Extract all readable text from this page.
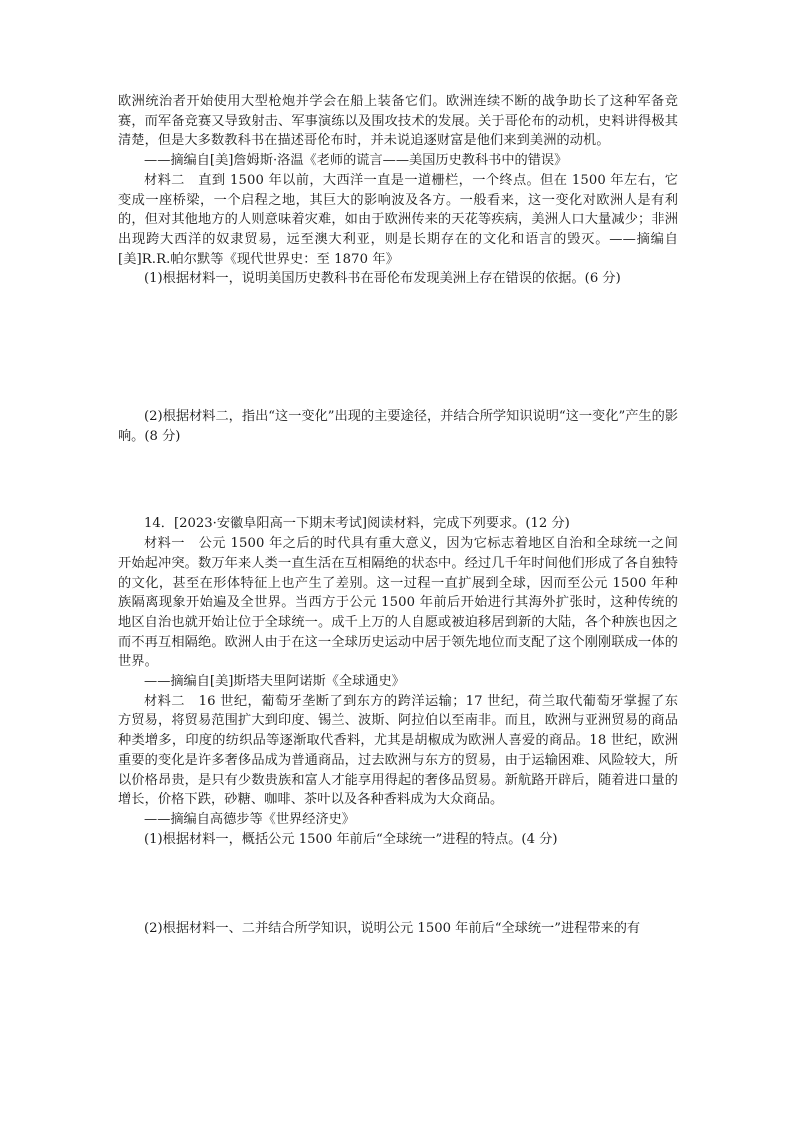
欧洲统治者开始使用大型枪炮并学会在船上装备它们。欧洲连续不断的战争助长了这种军备竞赛，而军备竞赛又导致射击、军事演练以及围攻技术的发展。关于哥伦布的动机，史料讲得极其清楚，但是大多数教科书在描述哥伦布时，并未说追逐财富是他们来到美洲的动机。

——摘编自[美]詹姆斯·洛温《老师的谎言——美国历史教科书中的错误》

材料二　直到 1500 年以前，大西洋一直是一道栅栏，一个终点。但在 1500 年左右，它变成一座桥梁，一个启程之地，其巨大的影响波及各方。一般看来，这一变化对欧洲人是有利的，但对其他地方的人则意味着灾难，如由于欧洲传来的天花等疾病，美洲人口大量减少；非洲出现跨大西洋的奴隶贸易，远至澳大利亚，则是长期存在的文化和语言的毁灭。——摘编自[美]R.R.帕尔默等《现代世界史：至 1870 年》

(1)根据材料一，说明美国历史教科书在哥伦布发现美洲上存在错误的依据。(6 分)

(2)根据材料二，指出“这一变化”出现的主要途径，并结合所学知识说明“这一变化”产生的影响。(8 分)

14．[2023·安徽阜阳高一下期末考试]阅读材料，完成下列要求。(12 分)

材料一　公元 1500 年之后的时代具有重大意义，因为它标志着地区自治和全球统一之间开始起冲突。数万年来人类一直生活在互相隔绝的状态中。经过几千年时间他们形成了各自独特的文化，甚至在形体特征上也产生了差别。这一过程一直扩展到全球，因而至公元 1500 年种族隔离现象开始遍及全世界。当西方于公元 1500 年前后开始进行其海外扩张时，这种传统的地区自治也就开始让位于全球统一。成千上万的人自愿或被迫移居到新的大陆，各个种族也因之而不再互相隔绝。欧洲人由于在这一全球历史运动中居于领先地位而支配了这个刚刚联成一体的世界。

——摘编自[美]斯塔夫里阿诺斯《全球通史》

材料二　16 世纪，葡萄牙垄断了到东方的跨洋运输；17 世纪，荷兰取代葡萄牙掌握了东方贸易，将贸易范围扩大到印度、锡兰、波斯、阿拉伯以至南非。而且，欧洲与亚洲贸易的商品种类增多，印度的纺织品等逐渐取代香料，尤其是胡椒成为欧洲人喜爱的商品。18 世纪，欧洲重要的变化是许多奢侈品成为普通商品，过去欧洲与东方的贸易，由于运输困难、风险较大，所以价格昂贵，是只有少数贵族和富人才能享用得起的奢侈品贸易。新航路开辟后，随着进口量的增长，价格下跌，砂糖、咖啡、茶叶以及各种香料成为大众商品。

——摘编自高德步等《世界经济史》

(1)根据材料一，概括公元 1500 年前后“全球统一”进程的特点。(4 分)

(2)根据材料一、二并结合所学知识，说明公元 1500 年前后“全球统一”进程带来的有
